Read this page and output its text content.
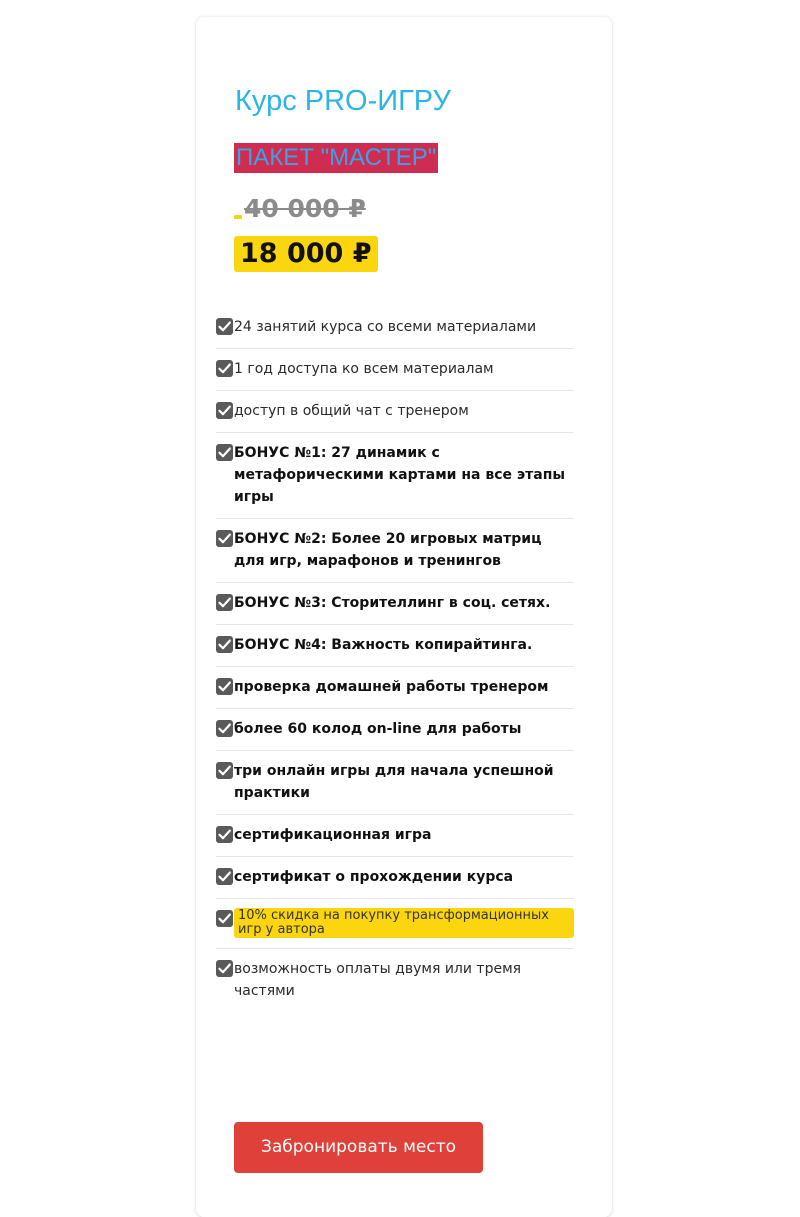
Курс PRO-ИГРУ
ПАКЕТ "МАСТЕР"
40 000 ₽
18 000 ₽
24 занятий курса со всеми материалами
1 год доступа ко всем материалам
доступ в общий чат с тренером
БОНУС №1: 27 динамик с метафорическими картами на все этапы игры
БОНУС №2: Более 20 игровых матриц для игр, марафонов и тренингов
БОНУС №3: Сторителлинг в соц. сетях.
БОНУС №4: Важность копирайтинга.
проверка домашней работы тренером
более 60 колод on-line для работы
три онлайн игры для начала успешной практики
сертификационная игра
сертификат о прохождении курса
10% скидка на покупку трансформационных игр у автора
возможность оплаты двумя или тремя частями
Забронировать место
